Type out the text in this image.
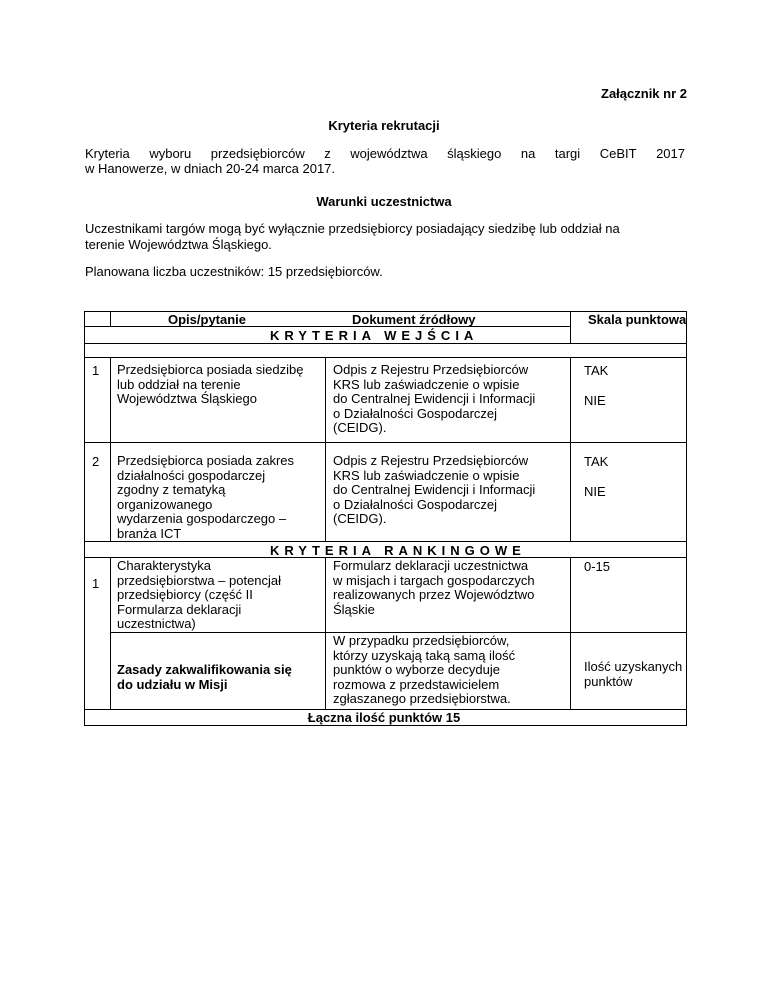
Załącznik nr 2
Kryteria rekrutacji
Kryteria wyboru przedsiębiorców z województwa śląskiego na targi CeBIT 2017
w Hanowerze, w dniach 20-24 marca 2017.
Warunki uczestnictwa
Uczestnikami targów mogą być wyłącznie przedsiębiorcy posiadający siedzibę lub oddział na
terenie Województwa Śląskiego.
Planowana liczba uczestników: 15 przedsiębiorców.
Opis/pytanie	Dokument źródłowy	Skala punktowa
KRYTERIA WEJŚCIA
1 Przedsiębiorca posiada siedzibę
lub oddział na terenie
Województwa Śląskiego
Odpis z Rejestru Przedsiębiorców
KRS lub zaświadczenie o wpisie
do Centralnej Ewidencji i Informacji
o Działalności Gospodarczej
(CEIDG).
TAK
NIE
2 Przedsiębiorca posiada zakres
działalności gospodarczej
zgodny z tematyką
organizowanego
wydarzenia gospodarczego –
branża ICT
Odpis z Rejestru Przedsiębiorców
KRS lub zaświadczenie o wpisie
do Centralnej Ewidencji i Informacji
o Działalności Gospodarczej
(CEIDG).
TAK
NIE
KRYTERIA RANKINGOWE
Charakterystyka
przedsiębiorstwa – potencjał
przedsiębiorcy (część II
Formularza deklaracji
uczestnictwa)
1
Formularz deklaracji uczestnictwa
w misjach i targach gospodarczych
realizowanych przez Województwo
Śląskie
0-15
Zasady zakwalifikowania się
do udziału w Misji
W przypadku przedsiębiorców,
którzy uzyskają taką samą ilość
punktów o wyborze decyduje
rozmowa z przedstawicielem
zgłaszanego przedsiębiorstwa.
Ilość uzyskanych
punktów
Łączna ilość punktów 15
